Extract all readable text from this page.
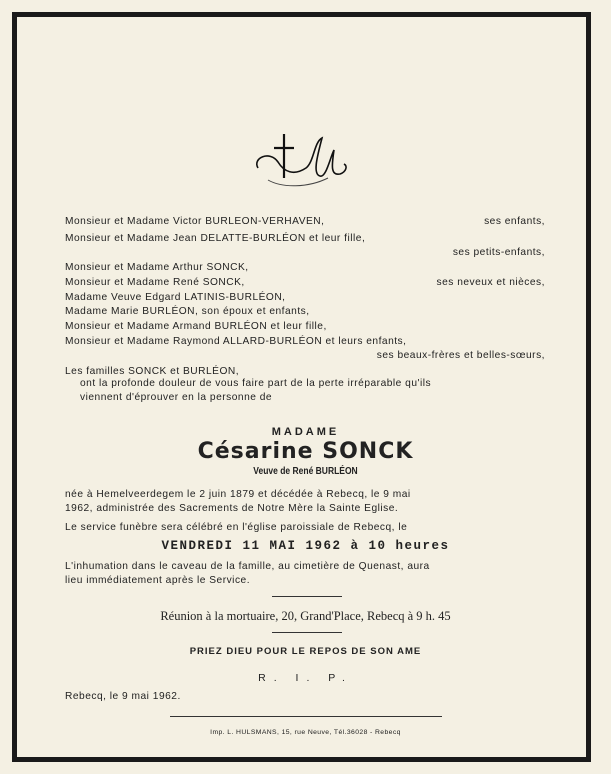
Monsieur et Madame Victor BURLEON-VERHAVEN,	ses enfants,
Monsieur et Madame Jean DELATTE-BURLÉON et leur fille,
ses petits-enfants,
Monsieur et Madame Arthur SONCK,
Monsieur et Madame René SONCK,	ses neveux et nièces,
Madame Veuve Edgard LATINIS-BURLÉON,
Madame Marie BURLÉON, son époux et enfants,
Monsieur et Madame Armand BURLÉON et leur fille,
Monsieur et Madame Raymond ALLARD-BURLÉON et leurs enfants,
ses beaux-frères et belles-sœurs,
Les familles SONCK et BURLÉON,
ont la profonde douleur de vous faire part de la perte irréparable qu'ils
viennent d'éprouver en la personne de
MADAME
Césarine SONCK
Veuve de René BURLÉON
née à Hemelveerdegem le 2 juin 1879 et décédée à Rebecq, le 9 mai
1962, administrée des Sacrements de Notre Mère la Sainte Eglise.
Le service funèbre sera célébré en l'église paroissiale de Rebecq, le
VENDREDI 11 MAI 1962 à 10 heures
L'inhumation dans le caveau de la famille, au cimetière de Quenast, aura
lieu immédiatement après le Service.
Réunion à la mortuaire, 20, Grand'Place, Rebecq à 9 h. 45
PRIEZ DIEU POUR LE REPOS DE SON AME
R. I. P.
Rebecq, le 9 mai 1962.
Imp. L. HULSMANS, 15, rue Neuve, Tél.36028 - Rebecq
